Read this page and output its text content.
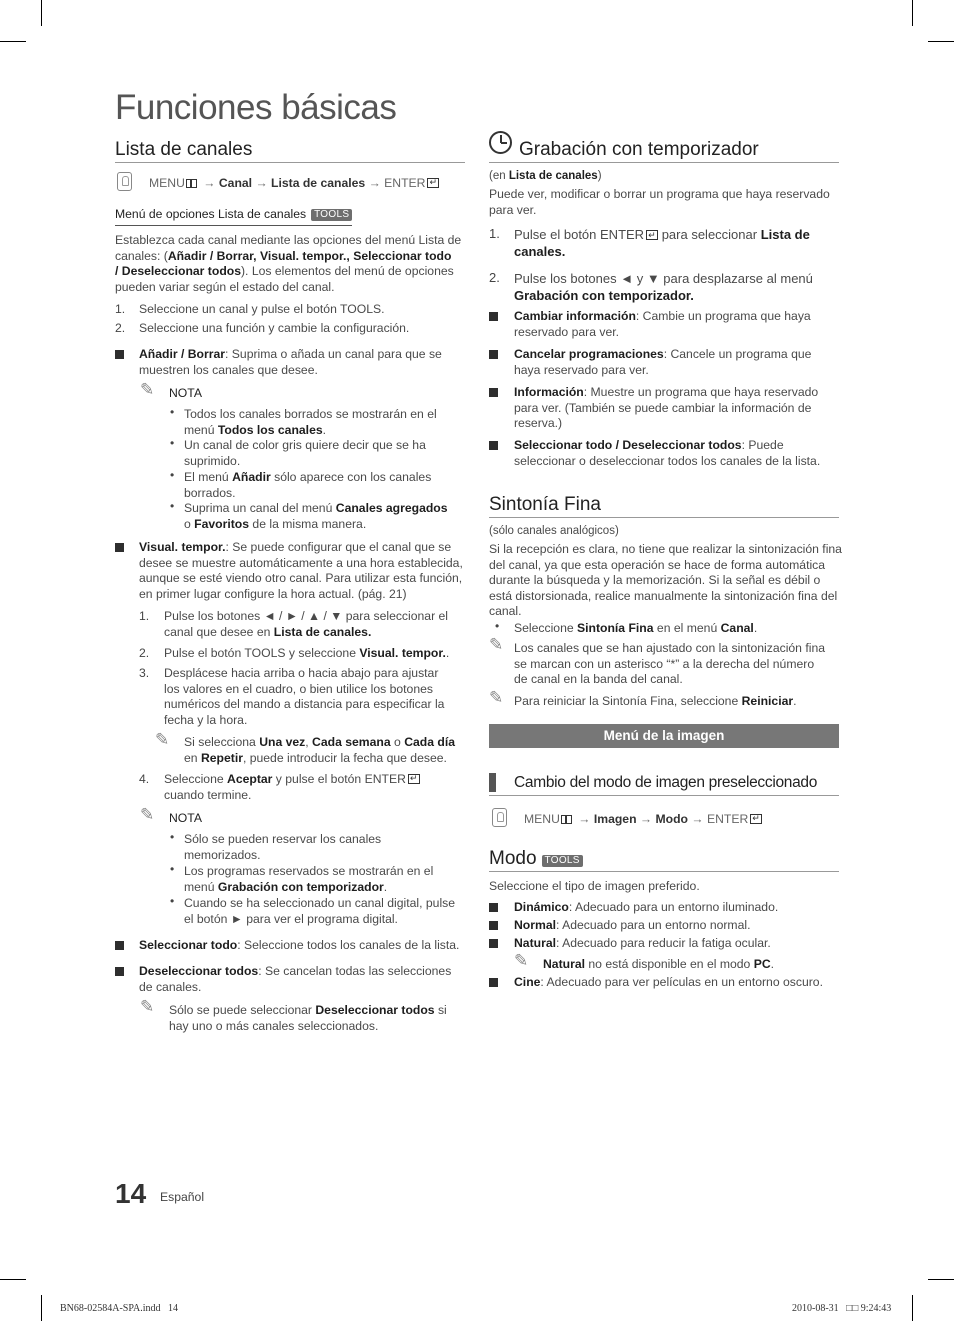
Funciones básicas
Lista de canales
MENU → Canal → Lista de canales → ENTER↵
Menú de opciones Lista de canales TOOLS
Establezca cada canal mediante las opciones del menú Lista de
canales: (Añadir / Borrar, Visual. tempor., Seleccionar todo
/ Deseleccionar todos). Los elementos del menú de opciones
pueden variar según el estado del canal.
1. Seleccione un canal y pulse el botón TOOLS.
2. Seleccione una función y cambie la configuración.
Añadir / Borrar: Suprima o añada un canal para que se
muestren los canales que desee.
✎ NOTA
• Todos los canales borrados se mostrarán en el
menú Todos los canales.
• Un canal de color gris quiere decir que se ha
suprimido.
• El menú Añadir sólo aparece con los canales
borrados.
• Suprima un canal del menú Canales agregados
o Favoritos de la misma manera.
Visual. tempor.: Se puede configurar que el canal que se
desee se muestre automáticamente a una hora establecida,
aunque se esté viendo otro canal. Para utilizar esta función,
en primer lugar configure la hora actual. (pág. 21)
1. Pulse los botones ◄ / ► / ▲ / ▼ para seleccionar el
canal que desee en Lista de canales.
2. Pulse el botón TOOLS y seleccione Visual. tempor..
3. Desplácese hacia arriba o hacia abajo para ajustar
los valores en el cuadro, o bien utilice los botones
numéricos del mando a distancia para especificar la
fecha y la hora.
✎ Si selecciona Una vez, Cada semana o Cada día
en Repetir, puede introducir la fecha que desee.
4. Seleccione Aceptar y pulse el botón ENTER↵
cuando termine.
✎ NOTA
• Sólo se pueden reservar los canales
memorizados.
• Los programas reservados se mostrarán en el
menú Grabación con temporizador.
• Cuando se ha seleccionado un canal digital, pulse
el botón ► para ver el programa digital.
Seleccionar todo: Seleccione todos los canales de la lista.
Deseleccionar todos: Se cancelan todas las selecciones
de canales.
✎ Sólo se puede seleccionar Deseleccionar todos si
hay uno o más canales seleccionados.
Grabación con temporizador
(en Lista de canales)
Puede ver, modificar o borrar un programa que haya reservado
para ver.
1. Pulse el botón ENTER↵ para seleccionar Lista de
canales.
2. Pulse los botones ◄ y ▼ para desplazarse al menú
Grabación con temporizador.
Cambiar información: Cambie un programa que haya
reservado para ver.
Cancelar programaciones: Cancele un programa que
haya reservado para ver.
Información: Muestre un programa que haya reservado
para ver. (También se puede cambiar la información de
reserva.)
Seleccionar todo / Deseleccionar todos: Puede
seleccionar o deseleccionar todos los canales de la lista.
Sintonía Fina
(sólo canales analógicos)
Si la recepción es clara, no tiene que realizar la sintonización fina
del canal, ya que esta operación se hace de forma automática
durante la búsqueda y la memorización. Si la señal es débil o
está distorsionada, realice manualmente la sintonización fina del
canal.
• Seleccione Sintonía Fina en el menú Canal.
✎ Los canales que se han ajustado con la sintonización fina
se marcan con un asterisco “*” a la derecha del número
de canal en la banda del canal.
✎ Para reiniciar la Sintonía Fina, seleccione Reiniciar.
Menú de la imagen
Cambio del modo de imagen preseleccionado
MENU → Imagen → Modo → ENTER↵
Modo TOOLS
Seleccione el tipo de imagen preferido.
Dinámico: Adecuado para un entorno iluminado.
Normal: Adecuado para un entorno normal.
Natural: Adecuado para reducir la fatiga ocular.
✎ Natural no está disponible en el modo PC.
Cine: Adecuado para ver películas en un entorno oscuro.
14 Español
BN68-02584A-SPA.indd   14	2010-08-31   □□ 9:24:43
